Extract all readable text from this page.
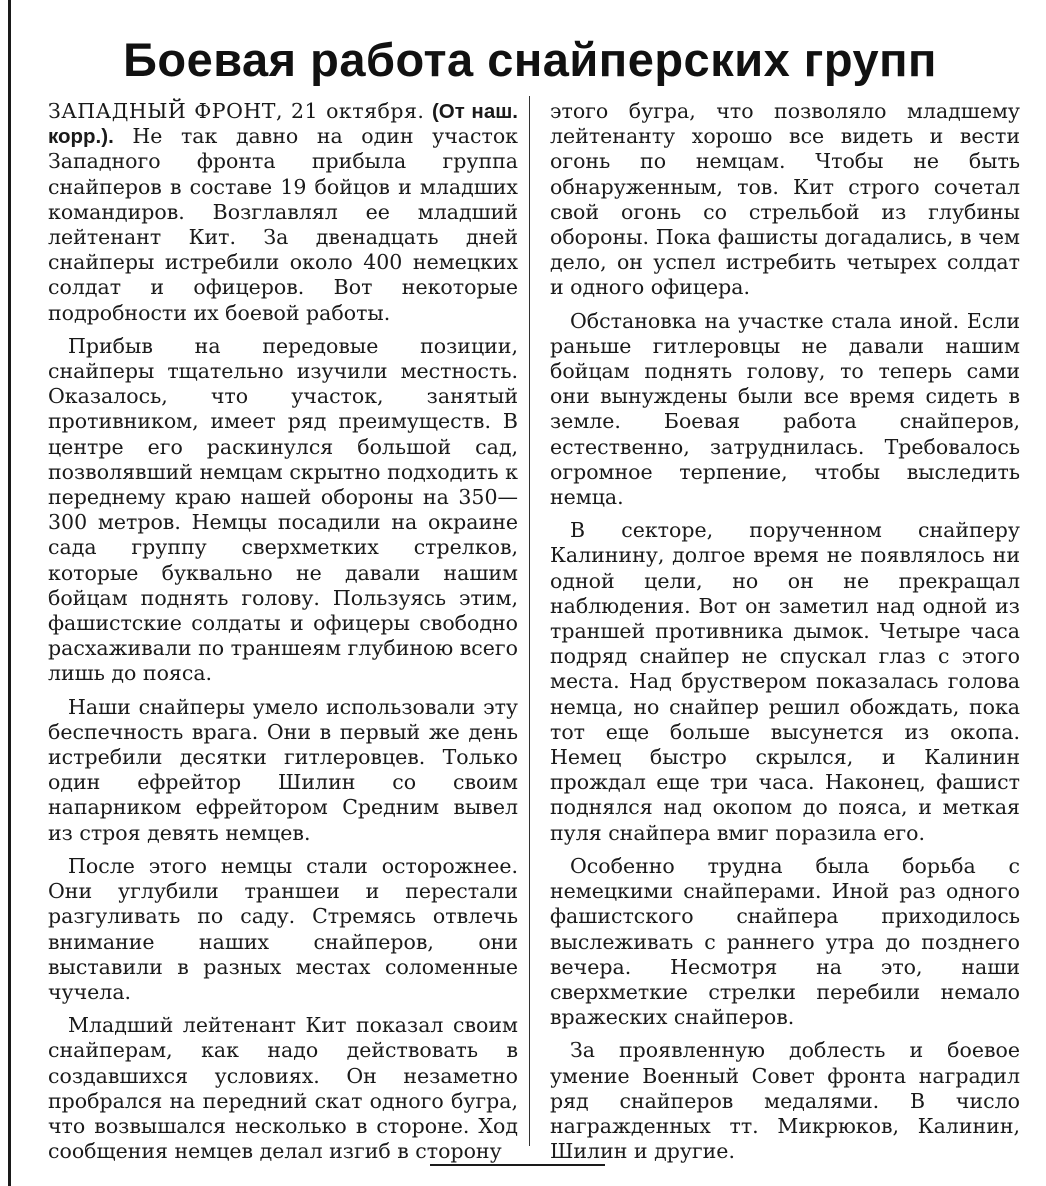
Боевая работа снайперских групп

ЗАПАДНЫЙ ФРОНТ, 21 октября. (От наш. корр.). Не так давно на один участок Западного фронта прибыла группа снайперов в составе 19 бойцов и младших командиров. Возглавлял ее младший лейтенант Кит. За двенадцать дней снайперы истребили около 400 немецких солдат и офицеров. Вот некоторые подробности их боевой работы.

Прибыв на передовые позиции, снайперы тщательно изучили местность. Оказалось, что участок, занятый противником, имеет ряд преимуществ. В центре его раскинулся большой сад, позволявший немцам скрытно подходить к переднему краю нашей обороны на 350—300 метров. Немцы посадили на окраине сада группу сверхметких стрелков, которые буквально не давали нашим бойцам поднять голову. Пользуясь этим, фашистские солдаты и офицеры свободно расхаживали по траншеям глубиною всего лишь до пояса.

Наши снайперы умело использовали эту беспечность врага. Они в первый же день истребили десятки гитлеровцев. Только один ефрейтор Шилин со своим напарником ефрейтором Средним вывел из строя девять немцев.

После этого немцы стали осторожнее. Они углубили траншеи и перестали разгуливать по саду. Стремясь отвлечь внимание наших снайперов, они выставили в разных местах соломенные чучела.

Младший лейтенант Кит показал своим снайперам, как надо действовать в создавшихся условиях. Он незаметно пробрался на передний скат одного бугра, что возвышался несколько в стороне. Ход сообщения немцев делал изгиб в сторону

этого бугра, что позволяло младшему лейтенанту хорошо все видеть и вести огонь по немцам. Чтобы не быть обнаруженным, тов. Кит строго сочетал свой огонь со стрельбой из глубины обороны. Пока фашисты догадались, в чем дело, он успел истребить четырех солдат и одного офицера.

Обстановка на участке стала иной. Если раньше гитлеровцы не давали нашим бойцам поднять голову, то теперь сами они вынуждены были все время сидеть в земле. Боевая работа снайперов, естественно, затруднилась. Требовалось огромное терпение, чтобы выследить немца.

В секторе, порученном снайперу Калинину, долгое время не появлялось ни одной цели, но он не прекращал наблюдения. Вот он заметил над одной из траншей противника дымок. Четыре часа подряд снайпер не спускал глаз с этого места. Над бруствером показалась голова немца, но снайпер решил обождать, пока тот еще больше высунется из окопа. Немец быстро скрылся, и Калинин прождал еще три часа. Наконец, фашист поднялся над окопом до пояса, и меткая пуля снайпера вмиг поразила его.

Особенно трудна была борьба с немецкими снайперами. Иной раз одного фашистского снайпера приходилось выслеживать с раннего утра до позднего вечера. Несмотря на это, наши сверхметкие стрелки перебили немало вражеских снайперов.

За проявленную доблесть и боевое умение Военный Совет фронта наградил ряд снайперов медалями. В число награжденных тт. Микрюков, Калинин, Шилин и другие.
